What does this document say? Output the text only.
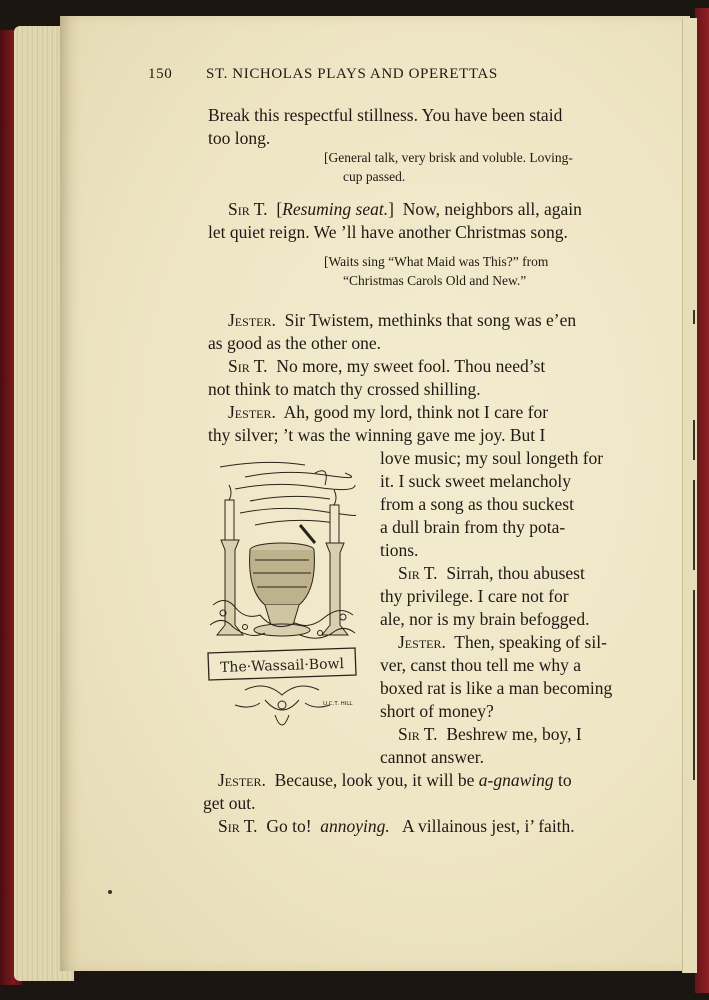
150 ST. NICHOLAS PLAYS AND OPERETTAS
Break this respectful stillness. You have been staid
too long.
[General talk, very brisk and voluble. Loving-
cup passed.
Sir T. [Resuming seat.] Now, neighbors all, again
let quiet reign. We ’ll have another Christmas song.
[Waits sing “What Maid was This?” from
“Christmas Carols Old and New.”
Jester. Sir Twistem, methinks that song was e’en
as good as the other one.
Sir T. No more, my sweet fool. Thou need’st
not think to match thy crossed shilling.
Jester. Ah, good my lord, think not I care for
thy silver; ’t was the winning gave me joy. But I
love music; my soul longeth for
it. I suck sweet melancholy
from a song as thou suckest
a dull brain from thy pota-
tions.
Sir T. Sirrah, thou abusest
thy privilege. I care not for
ale, nor is my brain befogged.
Jester. Then, speaking of sil-
ver, canst thou tell me why a
boxed rat is like a man becoming
short of money?
Sir T. Beshrew me, boy, I
cannot answer.
Jester. Because, look you, it will be a-gnawing to
get out.
Sir T. Go to! annoying. A villainous jest, i’ faith.
The·Wassail·Bowl
U.C.T. HILL
